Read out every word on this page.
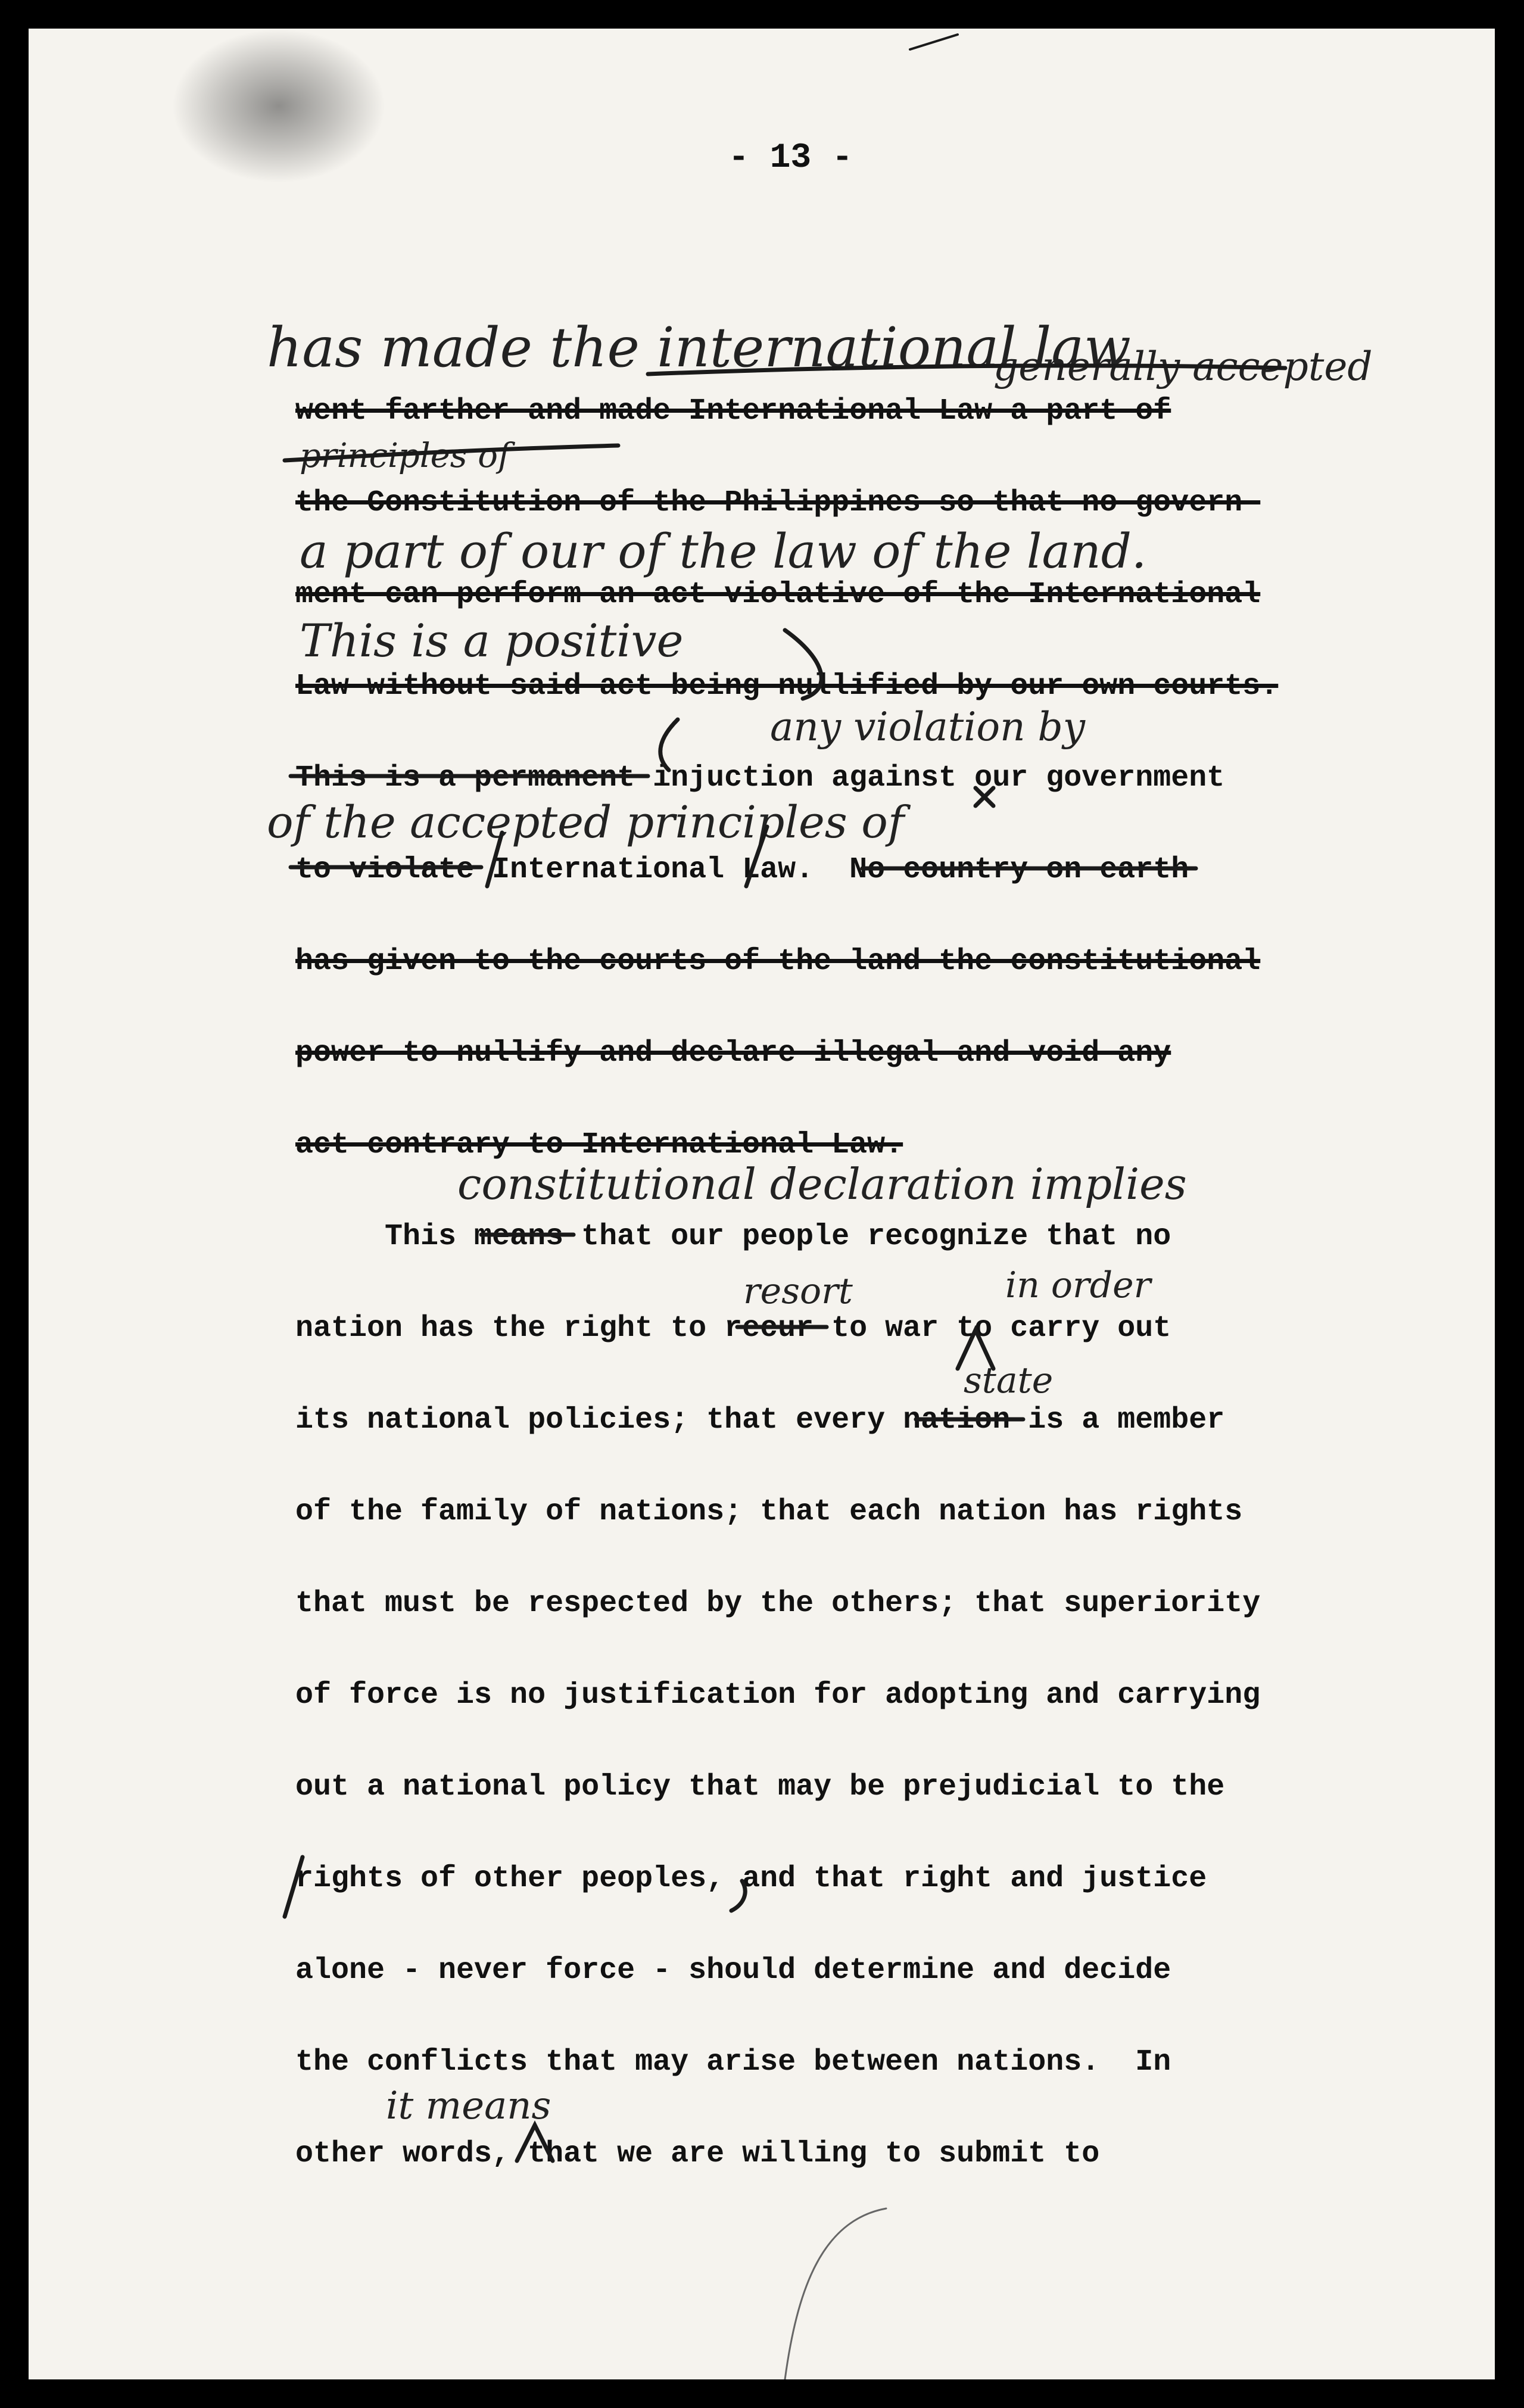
- 13 -
went farther and made International Law a part of
the Constitution of the Philippines so that no govern-
ment can perform an act violative of the International
Law without said act being nullified by our own courts.
This is a permanent injuction against our government
to violate International Law.  No country on earth
has given to the courts of the land the constitutional
power to nullify and declare illegal and void any
act contrary to International Law.
This means that our people recognize that no
nation has the right to recur to war to carry out
its national policies; that every nation is a member
of the family of nations; that each nation has rights
that must be respected by the others; that superiority
of force is no justification for adopting and carrying
out a national policy that may be prejudicial to the
rights of other peoples, and that right and justice
alone - never force - should determine and decide
the conflicts that may arise between nations.  In
other words, that we are willing to submit to
has made the international law
generally accepted
principles of
a part of our of the law of the land.
This is a positive
any violation by
of the accepted principles of
constitutional declaration implies
resort	in order
state
it means
